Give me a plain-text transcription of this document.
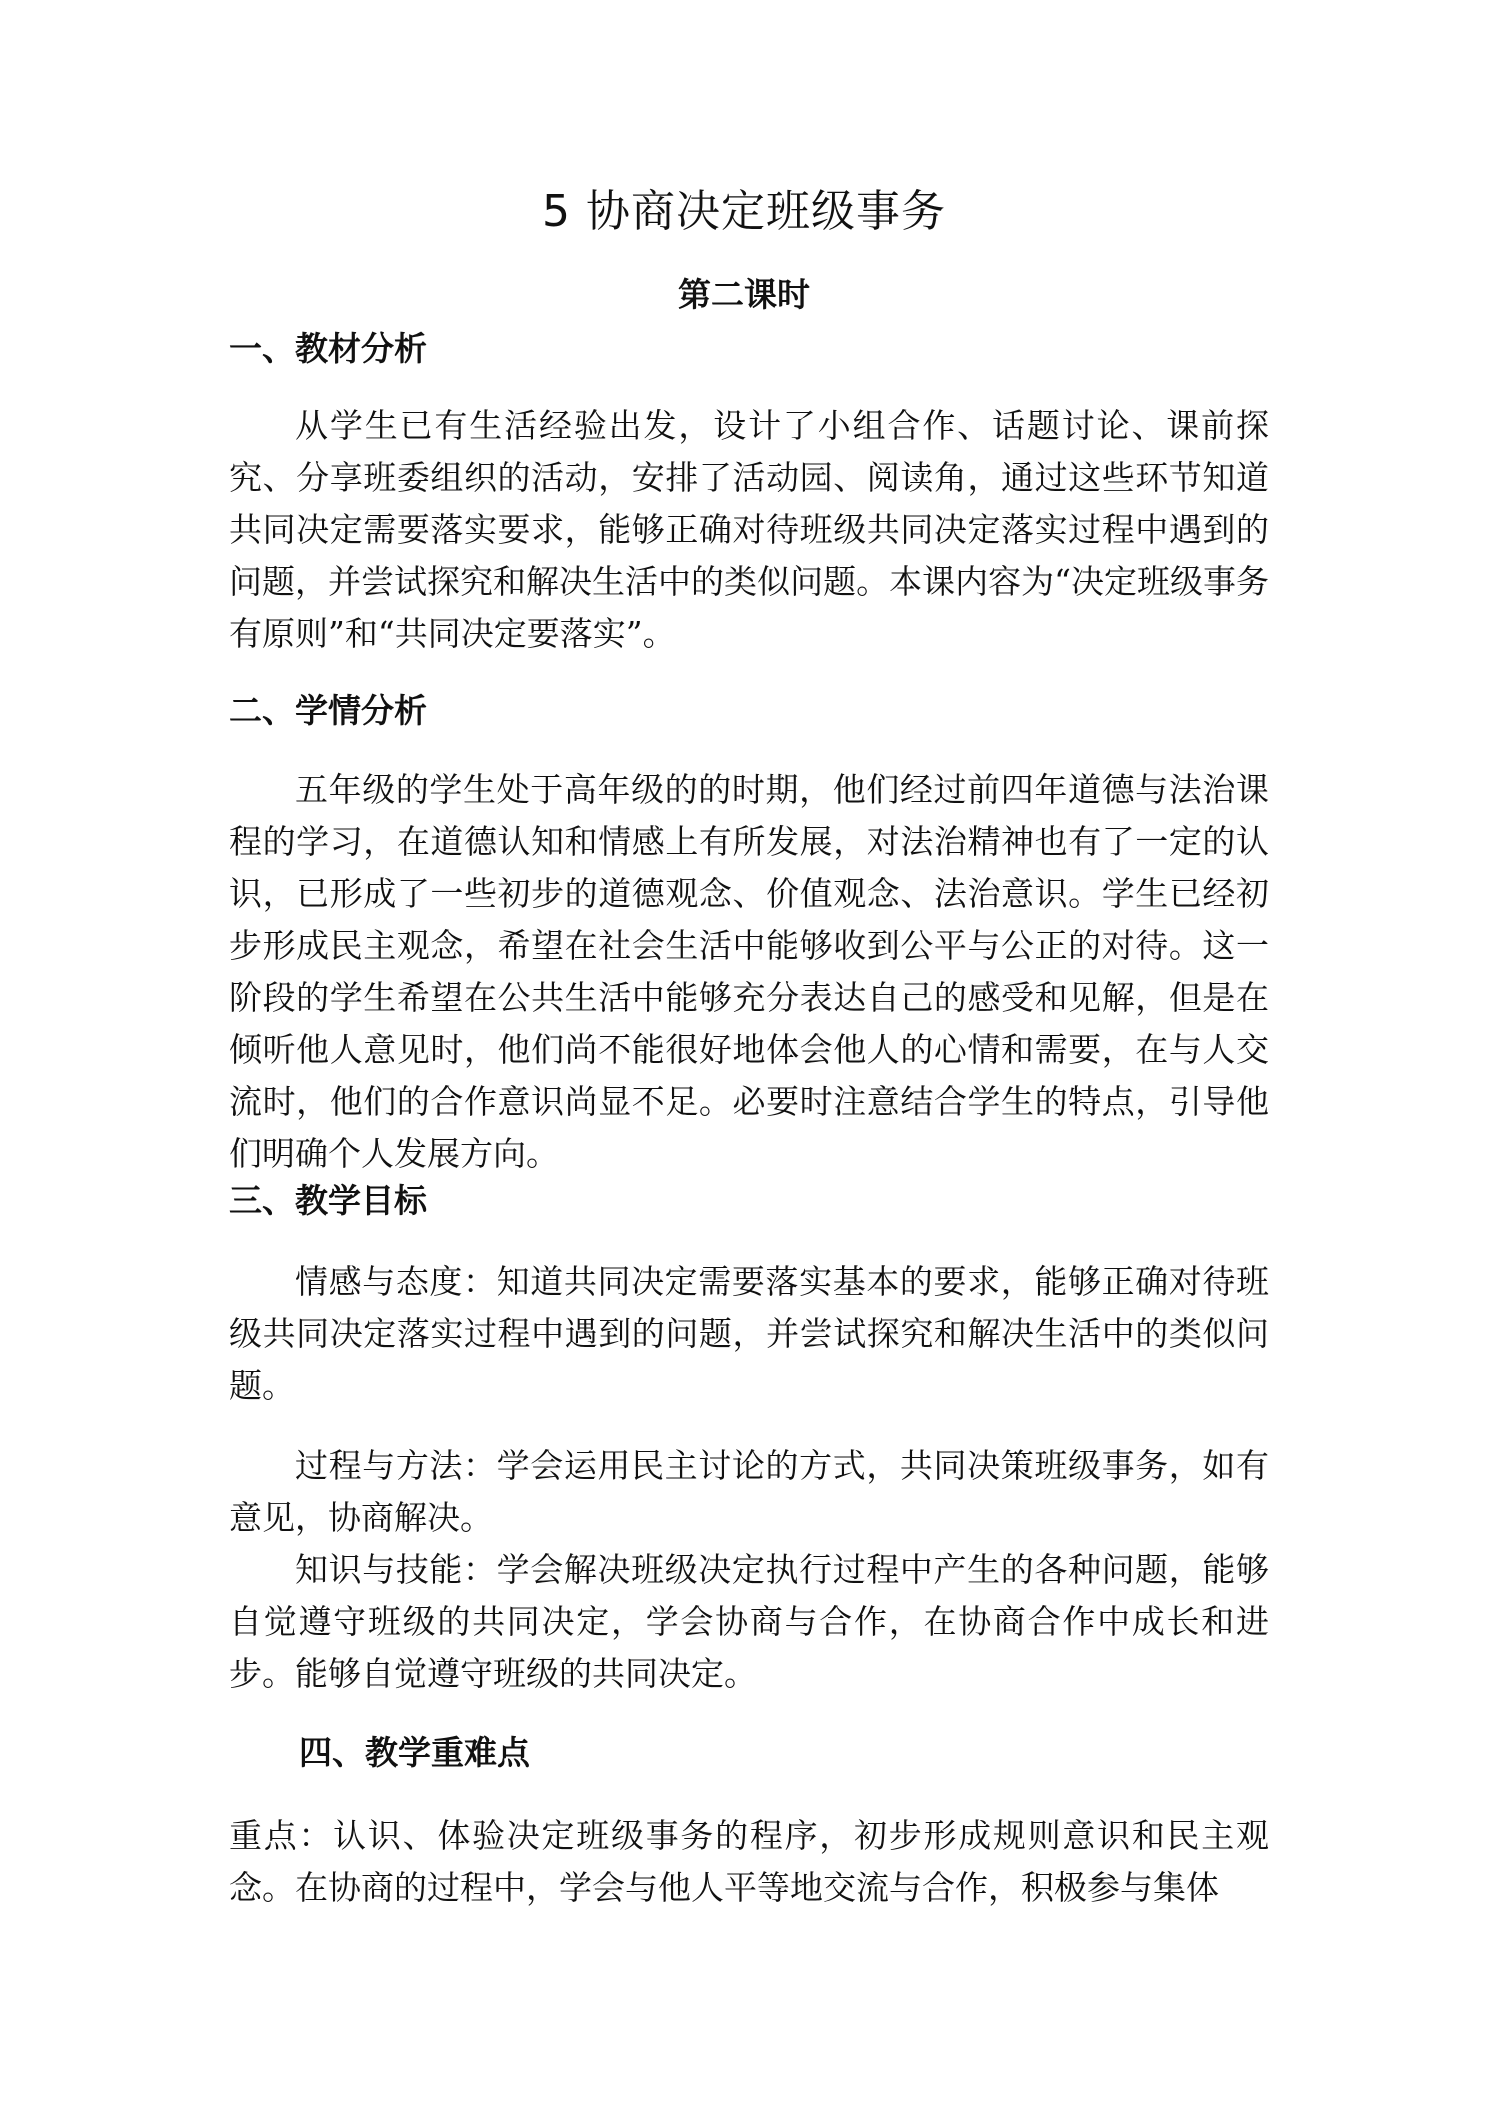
5 协商决定班级事务
第二课时
一、教材分析
从学生已有生活经验出发，设计了小组合作、话题讨论、课前探究、分享班委组织的活动，安排了活动园、阅读角，通过这些环节知道共同决定需要落实要求，能够正确对待班级共同决定落实过程中遇到的问题，并尝试探究和解决生活中的类似问题。本课内容为“决定班级事务有原则”和“共同决定要落实”。
二、学情分析
五年级的学生处于高年级的的时期，他们经过前四年道德与法治课程的学习，在道德认知和情感上有所发展，对法治精神也有了一定的认识，已形成了一些初步的道德观念、价值观念、法治意识。学生已经初步形成民主观念，希望在社会生活中能够收到公平与公正的对待。这一阶段的学生希望在公共生活中能够充分表达自己的感受和见解，但是在倾听他人意见时，他们尚不能很好地体会他人的心情和需要，在与人交流时，他们的合作意识尚显不足。必要时注意结合学生的特点，引导他们明确个人发展方向。
三、教学目标
情感与态度：知道共同决定需要落实基本的要求，能够正确对待班级共同决定落实过程中遇到的问题，并尝试探究和解决生活中的类似问题。
过程与方法：学会运用民主讨论的方式，共同决策班级事务，如有意见，协商解决。
知识与技能：学会解决班级决定执行过程中产生的各种问题，能够自觉遵守班级的共同决定，学会协商与合作，在协商合作中成长和进步。能够自觉遵守班级的共同决定。
四、教学重难点
重点：认识、体验决定班级事务的程序，初步形成规则意识和民主观念。在协商的过程中，学会与他人平等地交流与合作，积极参与集体
